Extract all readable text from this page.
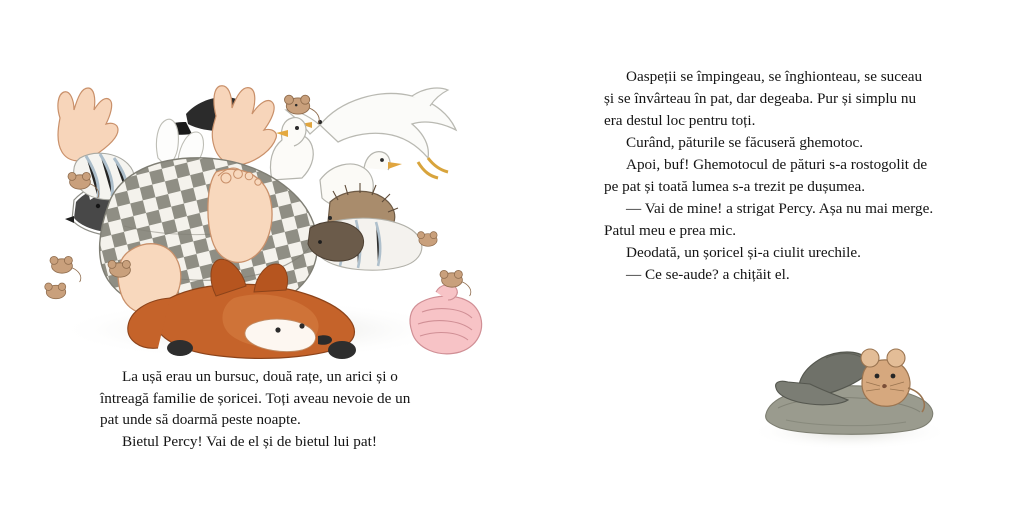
La ușă erau un bursuc, două rațe, un arici și o întreagă familie de șoricei. Toți aveau nevoie de un pat unde să doarmă peste noapte.

Bietul Percy! Vai de el și de bietul lui pat!

Oaspeții se împingeau, se înghionteau, se suceau și se învârteau în pat, dar degeaba. Pur și simplu nu era destul loc pentru toți.

Curând, păturile se făcuseră ghemotoc.

Apoi, buf! Ghemotocul de pături s-a rostogolit de pe pat și toată lumea s-a trezit pe dușumea.

— Vai de mine! a strigat Percy. Așa nu mai merge. Patul meu e prea mic.

Deodată, un șoricel și-a ciulit urechile.

— Ce se-aude? a chițăit el.
